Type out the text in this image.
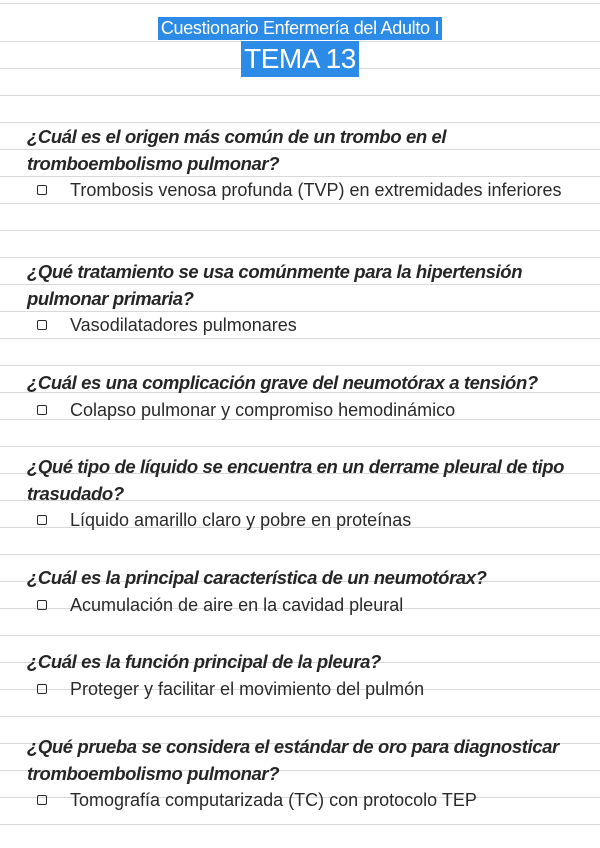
Cuestionario Enfermería del Adulto I
TEMA 13
¿Cuál es el origen más común de un trombo en el tromboembolismo pulmonar?
Trombosis venosa profunda (TVP) en extremidades inferiores
¿Qué tratamiento se usa comúnmente para la hipertensión pulmonar primaria?
Vasodilatadores pulmonares
¿Cuál es una complicación grave del neumotórax a tensión?
Colapso pulmonar y compromiso hemodinámico
¿Qué tipo de líquido se encuentra en un derrame pleural de tipo trasudado?
Líquido amarillo claro y pobre en proteínas
¿Cuál es la principal característica de un neumotórax?
Acumulación de aire en la cavidad pleural
¿Cuál es la función principal de la pleura?
Proteger y facilitar el movimiento del pulmón
¿Qué prueba se considera el estándar de oro para diagnosticar tromboembolismo pulmonar?
Tomografía computarizada (TC) con protocolo TEP
